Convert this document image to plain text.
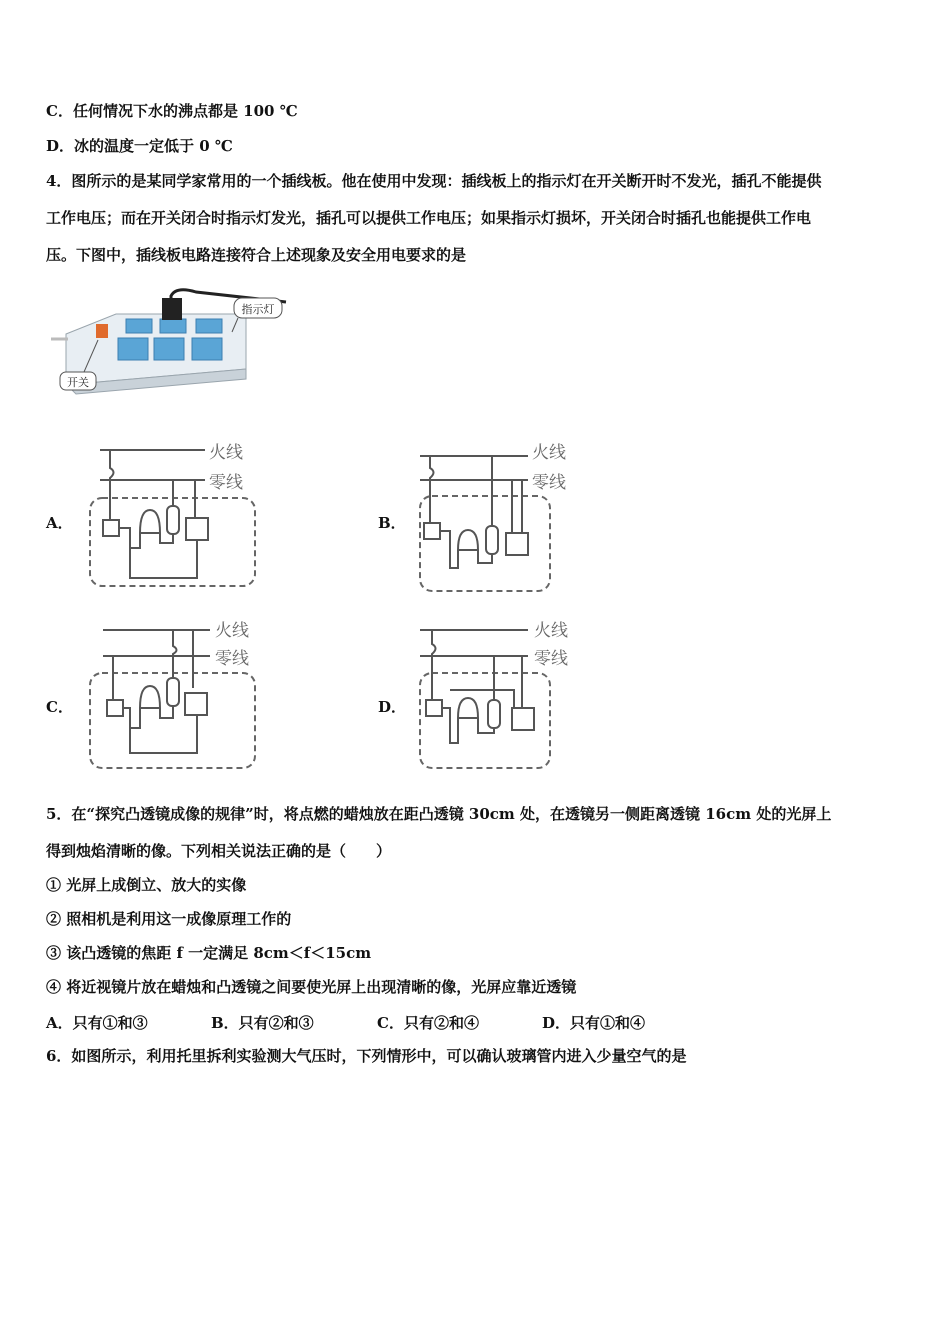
C．任何情况下水的沸点都是 100 ℃
D．冰的温度一定低于 0 ℃
4．图所示的是某同学家常用的一个插线板。他在使用中发现：插线板上的指示灯在开关断开时不发光，插孔不能提供
工作电压；而在开关闭合时指示灯发光，插孔可以提供工作电压；如果指示灯损坏，开关闭合时插孔也能提供工作电
压。下图中，插线板电路连接符合上述现象及安全用电要求的是
指示灯
开关
A．	B．
C．	D．
火线
零线
火线
零线
火线
零线
火线
零线
5．在“探究凸透镜成像的规律”时，将点燃的蜡烛放在距凸透镜 30cm 处，在透镜另一侧距离透镜 16cm 处的光屏上
得到烛焰清晰的像。下列相关说法正确的是（　　）
① 光屏上成倒立、放大的实像
② 照相机是利用这一成像原理工作的
③ 该凸透镜的焦距 f 一定满足 8cm＜f＜15cm
④ 将近视镜片放在蜡烛和凸透镜之间要使光屏上出现清晰的像，光屏应靠近透镜
A．只有①和③	B．只有②和③	C．只有②和④	D．只有①和④
6．如图所示，利用托里拆利实验测大气压时，下列情形中，可以确认玻璃管内进入少量空气的是
